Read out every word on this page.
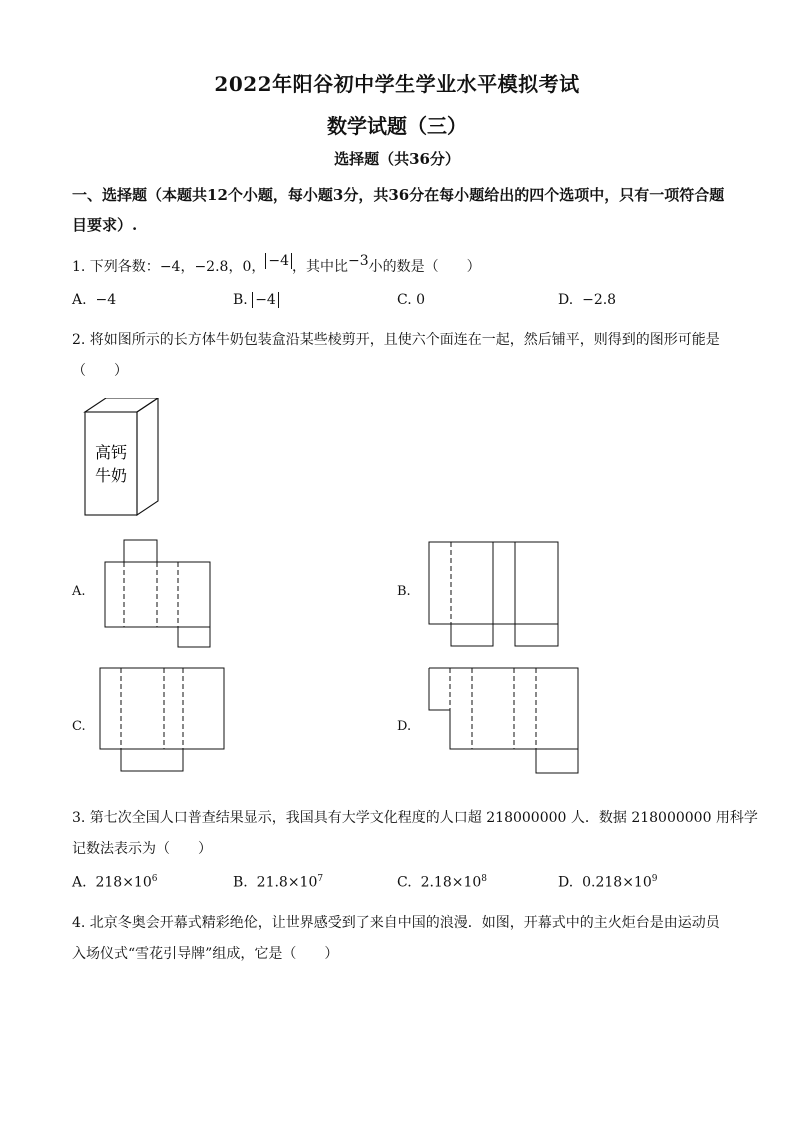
2022年阳谷初中学生学业水平模拟考试
数学试题（三）
选择题（共36分）
一、选择题（本题共12个小题，每小题3分，共36分在每小题给出的四个选项中，只有一项符合题目要求）.
1. 下列各数：−4，−2.8，0， −4 ，其中比−3小的数是（　　）
A. −4	B. −4	C. 0	D. −2.8
2. 将如图所示的长方体牛奶包装盒沿某些棱剪开，且使六个面连在一起，然后铺平，则得到的图形可能是
（　　）
高钙
牛奶
A.	B.
C.	D.
3. 第七次全国人口普查结果显示，我国具有大学文化程度的人口超 218000000 人．数据 218000000 用科学
记数法表示为（　　）
A. $218\times 10^6$	B. $21.8\times 10^7$	C. $2.18\times 10^8$	D. $0.218\times 10^9$
4. 北京冬奥会开幕式精彩绝伦，让世界感受到了来自中国的浪漫．如图，开幕式中的主火炬台是由运动员
入场仪式“雪花引导牌”组成，它是（　　）
